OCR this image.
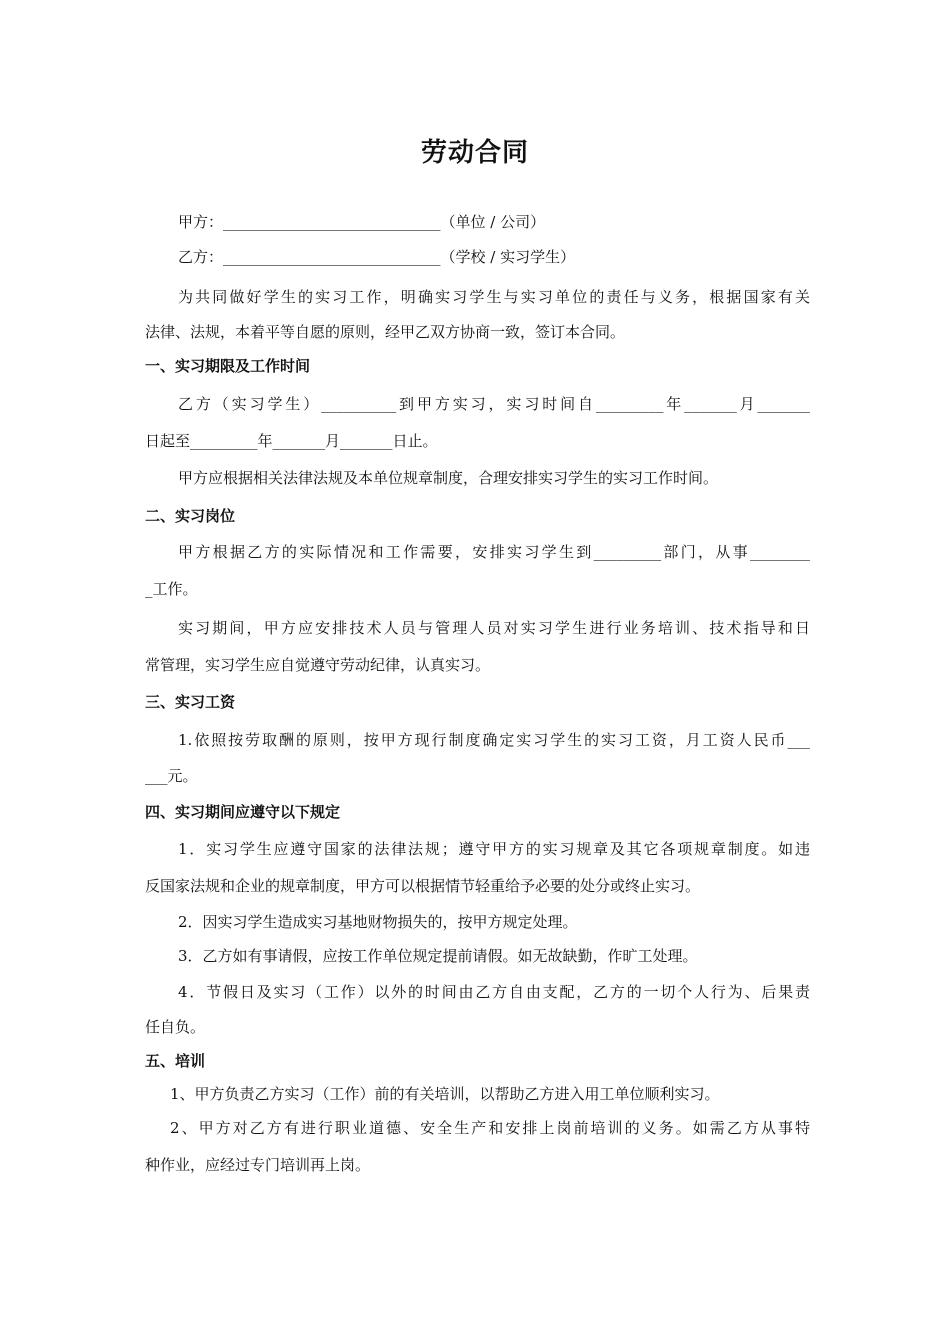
劳动合同
甲方：_____________________________（单位 / 公司）
乙方：_____________________________（学校 / 实习学生）
为共同做好学生的实习工作，明确实习学生与实习单位的责任与义务，根据国家有关
法律、法规，本着平等自愿的原则，经甲乙双方协商一致，签订本合同。
一、实习期限及工作时间
乙方（实习学生）__________到甲方实习，实习时间自_________年_______月_______
日起至_________年_______月_______日止。
甲方应根据相关法律法规及本单位规章制度，合理安排实习学生的实习工作时间。
二、实习岗位
甲方根据乙方的实际情况和工作需要，安排实习学生到_________部门，从事________
_工作。
实习期间，甲方应安排技术人员与管理人员对实习学生进行业务培训、技术指导和日
常管理，实习学生应自觉遵守劳动纪律，认真实习。
三、实习工资
1.依照按劳取酬的原则，按甲方现行制度确定实习学生的实习工资，月工资人民币___
___元。
四、实习期间应遵守以下规定
1．实习学生应遵守国家的法律法规；遵守甲方的实习规章及其它各项规章制度。如违
反国家法规和企业的规章制度，甲方可以根据情节轻重给予必要的处分或终止实习。
2．因实习学生造成实习基地财物损失的，按甲方规定处理。
3．乙方如有事请假，应按工作单位规定提前请假。如无故缺勤，作旷工处理。
4．节假日及实习（工作）以外的时间由乙方自由支配，乙方的一切个人行为、后果责
任自负。
五、培训
1、甲方负责乙方实习（工作）前的有关培训，以帮助乙方进入用工单位顺利实习。
2、甲方对乙方有进行职业道德、安全生产和安排上岗前培训的义务。如需乙方从事特
种作业，应经过专门培训再上岗。
